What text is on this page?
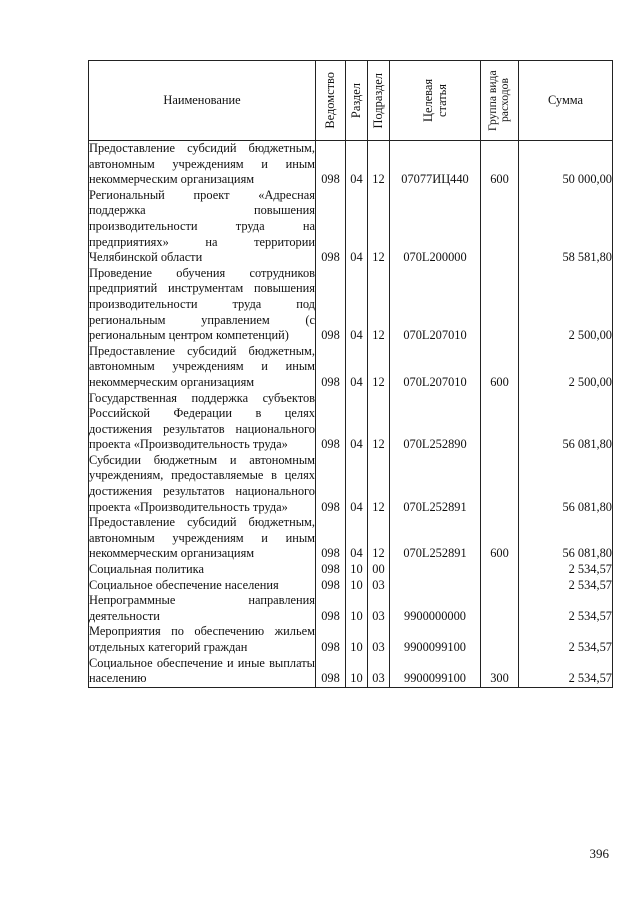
Наименование	Ведомство	Раздел	Подраздел	Целевая статья	Группа вида расходов	Сумма
Предоставление субсидий бюджетным, автономным учреждениям и иным некоммерческим организациям	098	04	12	07077ИЦ440	600	50 000,00
Региональный проект «Адресная поддержка повышения производительности труда на предприятиях» на территории Челябинской области	098	04	12	070L200000		58 581,80
Проведение обучения сотрудников предприятий инструментам повышения производительности труда под региональным управлением (с региональным центром компетенций)	098	04	12	070L207010		2 500,00
Предоставление субсидий бюджетным, автономным учреждениям и иным некоммерческим организациям	098	04	12	070L207010	600	2 500,00
Государственная поддержка субъектов Российской Федерации в целях достижения результатов национального проекта «Производительность труда»	098	04	12	070L252890		56 081,80
Субсидии бюджетным и автономным учреждениям, предоставляемые в целях достижения результатов национального проекта «Производительность труда»	098	04	12	070L252891		56 081,80
Предоставление субсидий бюджетным, автономным учреждениям и иным некоммерческим организациям	098	04	12	070L252891	600	56 081,80
Социальная политика	098	10	00			2 534,57
Социальное обеспечение населения	098	10	03			2 534,57
Непрограммные направления деятельности	098	10	03	9900000000		2 534,57
Мероприятия по обеспечению жильем отдельных категорий граждан	098	10	03	9900099100		2 534,57
Социальное обеспечение и иные выплаты населению	098	10	03	9900099100	300	2 534,57
396
